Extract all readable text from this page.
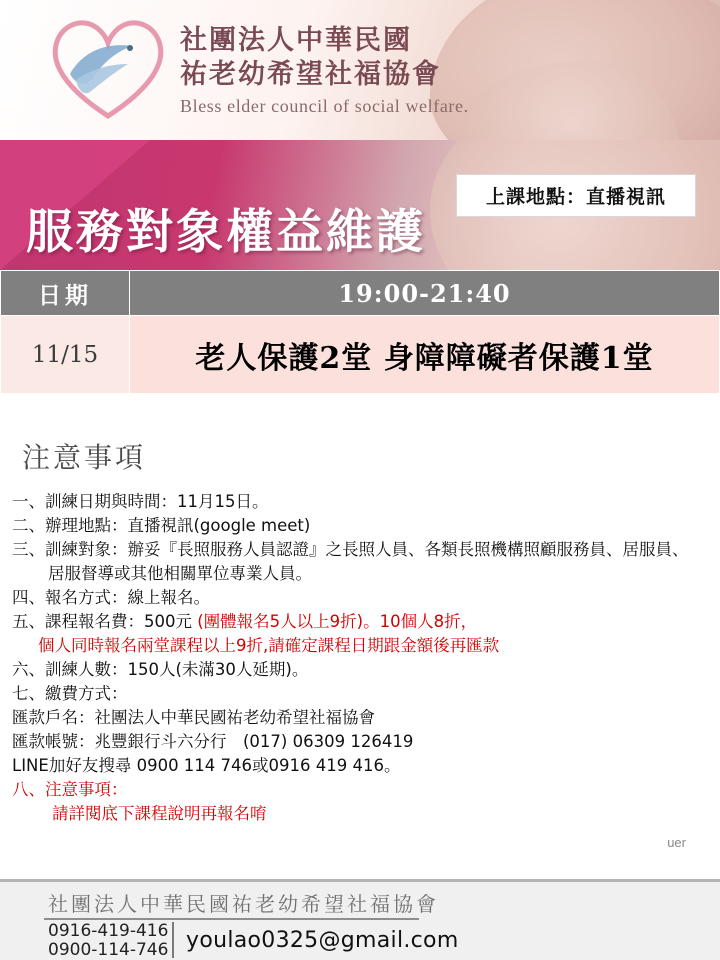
社團法人中華民國
祐老幼希望社福協會
Bless elder council of social welfare.
上課地點：直播視訊
服務對象權益維護
日期	19:00-21:40
11/15	老人保護2堂 身障障礙者保護1堂
注意事項
一、訓練日期與時間：11月15日。
二、辦理地點：直播視訊(google meet)
三、訓練對象：辦妥『長照服務人員認證』之長照人員、各類長照機構照顧服務員、居服員、
居服督導或其他相關單位專業人員。
四、報名方式：線上報名。
五、課程報名費：500元 (團體報名5人以上9折)。10個人8折，
個人同時報名兩堂課程以上9折,請確定課程日期跟金額後再匯款
六、訓練人數：150人(未滿30人延期)。
七、繳費方式：
匯款戶名：社團法人中華民國祐老幼希望社福協會
匯款帳號：兆豐銀行斗六分行　(017) 06309 126419
LINE加好友搜尋 0900 114 746或0916 419 416。
八、注意事項：
請詳閱底下課程說明再報名唷
uer
社團法人中華民國祐老幼希望社福協會
0916-419-416
0900-114-746 youlao0325@gmail.com
